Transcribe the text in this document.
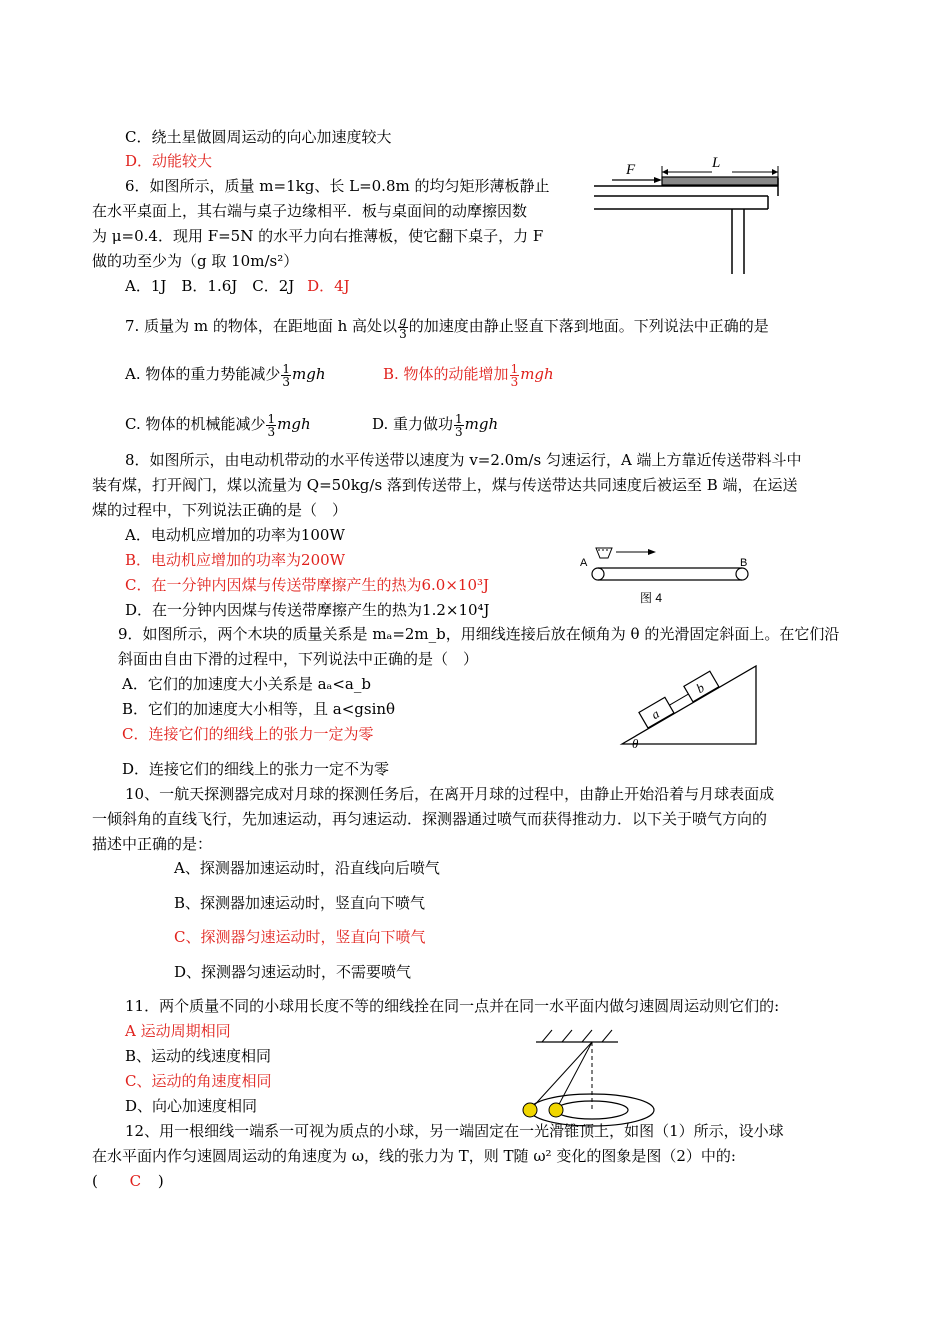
C．绕土星做圆周运动的向心加速度较大
D．动能较大
6．如图所示，质量 m=1kg、长 L=0.8m 的均匀矩形薄板静止
在水平桌面上，其右端与桌子边缘相平．板与桌面间的动摩擦因数
为 μ=0.4．现用 F=5N 的水平力向右推薄板，使它翻下桌子，力 F
做的功至少为（g 取 10m/s²）
A．1J　B．1.6J　C．2J D．4J
F	L
7. 质量为 m 的物体，在距地面 h 高处以 $\frac{g}{3}$ 的加速度由静止竖直下落到地面。下列说法中正确的是
A. 物体的重力势能减少 $\frac{1}{3}$ mgh	B. 物体的动能增加 $\frac{1}{3}$ mgh
C. 物体的机械能减少 $\frac{1}{3}$ mgh	D. 重力做功 $\frac{1}{3}$ mgh
8．如图所示，由电动机带动的水平传送带以速度为 v=2.0m/s 匀速运行，A 端上方靠近传送带料斗中
装有煤，打开阀门，煤以流量为 Q=50kg/s 落到传送带上，煤与传送带达共同速度后被运至 B 端，在运送
煤的过程中，下列说法正确的是（　）
A．电动机应增加的功率为100W
B．电动机应增加的功率为200W
C．在一分钟内因煤与传送带摩擦产生的热为6.0×10³J
D．在一分钟内因煤与传送带摩擦产生的热为1.2×10⁴J
A	B
图 4
9．如图所示，两个木块的质量关系是 mₐ=2m_b，用细线连接后放在倾角为 θ 的光滑固定斜面上。在它们沿
斜面由自由下滑的过程中，下列说法中正确的是（　）
A．它们的加速度大小关系是 aₐ<a_b
B．它们的加速度大小相等，且 a<gsinθ
C．连接它们的细线上的张力一定为零
D．连接它们的细线上的张力一定不为零
a
b
θ
10、一航天探测器完成对月球的探测任务后，在离开月球的过程中，由静止开始沿着与月球表面成
一倾斜角的直线飞行，先加速运动，再匀速运动．探测器通过喷气而获得推动力．以下关于喷气方向的
描述中正确的是：
A、探测器加速运动时，沿直线向后喷气
B、探测器加速运动时，竖直向下喷气
C、探测器匀速运动时，竖直向下喷气
D、探测器匀速运动时，不需要喷气
11．两个质量不同的小球用长度不等的细线拴在同一点并在同一水平面内做匀速圆周运动则它们的:
A 运动周期相同
B、运动的线速度相同
C、运动的角速度相同
D、向心加速度相同
12、用一根细线一端系一可视为质点的小球，另一端固定在一光滑锥顶上，如图（1）所示，设小球
在水平面内作匀速圆周运动的角速度为 ω，线的张力为 T，则 T随 ω² 变化的图象是图（2）中的:
(　 C )
